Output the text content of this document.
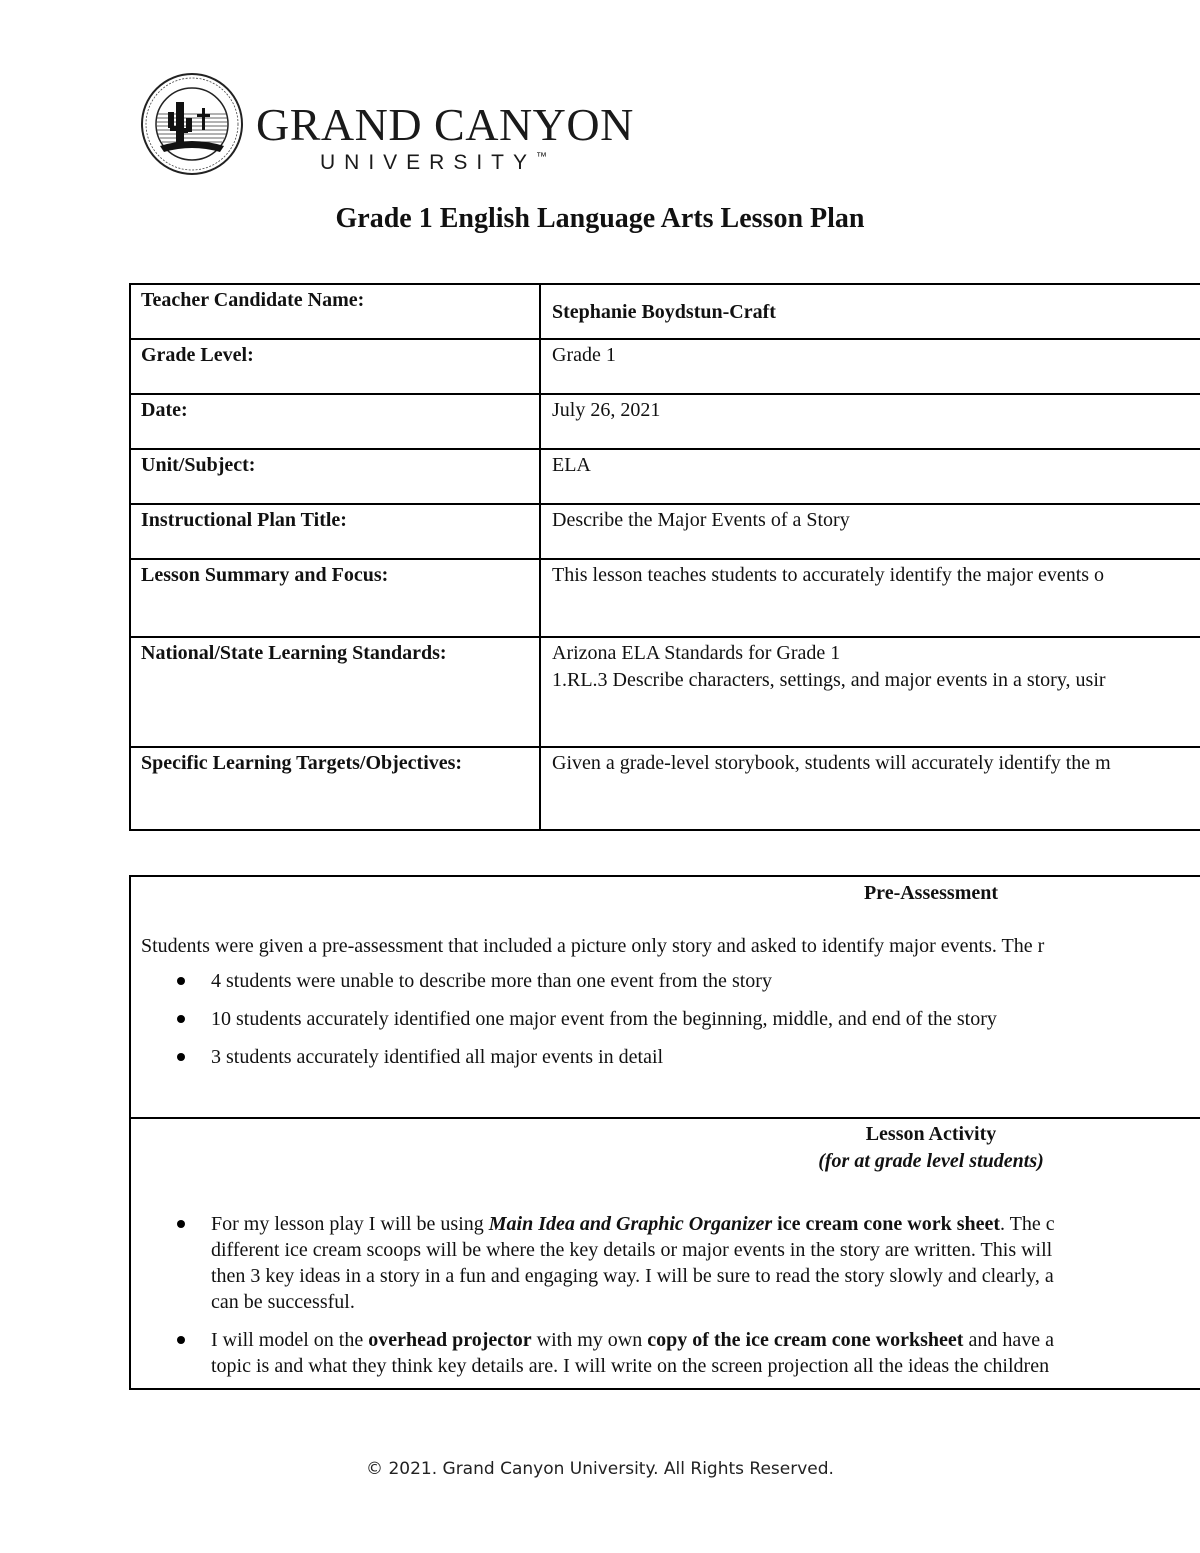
GRAND CANYON
UNIVERSITY™
Grade 1 English Language Arts Lesson Plan
Teacher Candidate Name:	Stephanie Boydstun-Craft
Grade Level:	Grade 1
Date:	July 26, 2021
Unit/Subject:	ELA
Instructional Plan Title:	Describe the Major Events of a Story
Lesson Summary and Focus:	This lesson teaches students to accurately identify the major events o
National/State Learning Standards:	Arizona ELA Standards for Grade 1
1.RL.3 Describe characters, settings, and major events in a story, usir

Specific Learning Targets/Objectives:	Given a grade-level storybook, students will accurately identify the m
Pre-Assessment
Students were given a pre-assessment that included a picture only story and asked to identify major events. The r
4 students were unable to describe more than one event from the story
10 students accurately identified one major event from the beginning, middle, and end of the story
3 students accurately identified all major events in detail
Lesson Activity
(for at grade level students)
For my lesson play I will be using Main Idea and Graphic Organizer ice cream cone work sheet. The c
different ice cream scoops will be where the key details or major events in the story are written. This will
then 3 key ideas in a story in a fun and engaging way. I will be sure to read the story slowly and clearly, a
can be successful.
I will model on the overhead projector with my own copy of the ice cream cone worksheet and have a
topic is and what they think key details are. I will write on the screen projection all the ideas the children
© 2021. Grand Canyon University. All Rights Reserved.
